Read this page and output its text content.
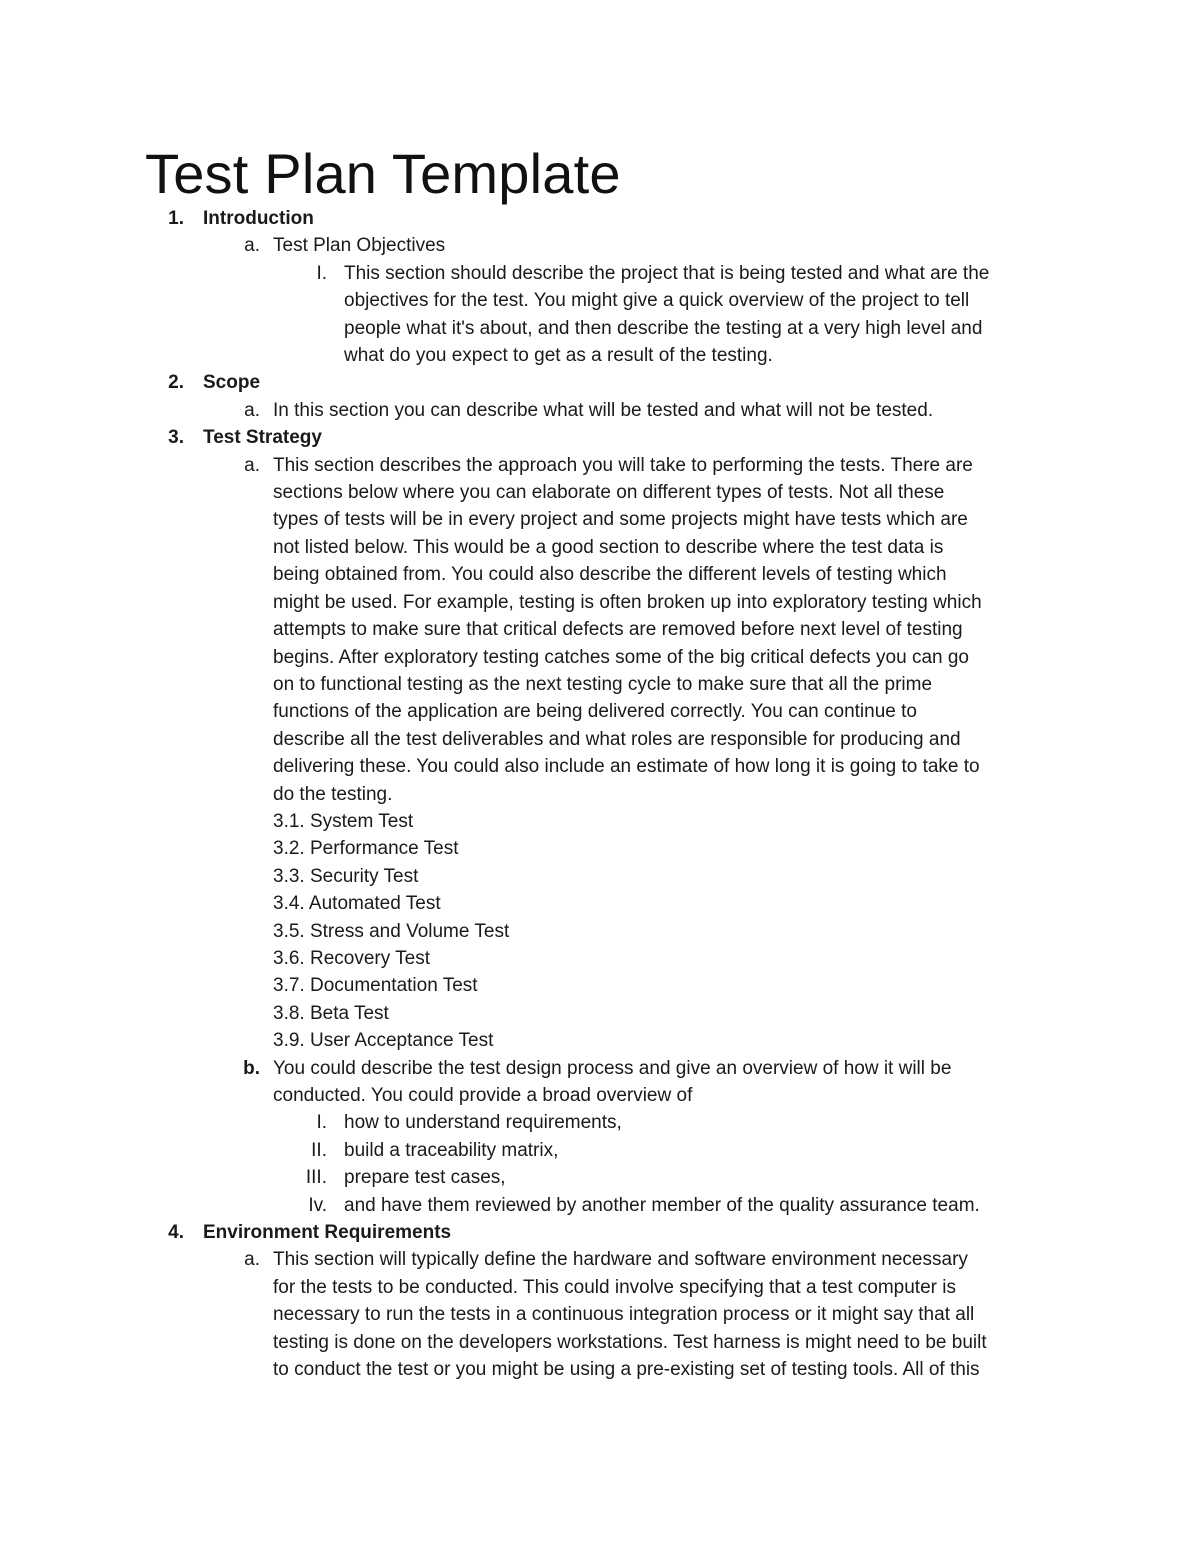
Test Plan Template
1. Introduction
a. Test Plan Objectives
I. This section should describe the project that is being tested and what are the
objectives for the test. You might give a quick overview of the project to tell
people what it's about, and then describe the testing at a very high level and
what do you expect to get as a result of the testing.
2. Scope
a. In this section you can describe what will be tested and what will not be tested.
3. Test Strategy
a. This section describes the approach you will take to performing the tests. There are
sections below where you can elaborate on different types of tests. Not all these
types of tests will be in every project and some projects might have tests which are
not listed below. This would be a good section to describe where the test data is
being obtained from. You could also describe the different levels of testing which
might be used. For example, testing is often broken up into exploratory testing which
attempts to make sure that critical defects are removed before next level of testing
begins. After exploratory testing catches some of the big critical defects you can go
on to functional testing as the next testing cycle to make sure that all the prime
functions of the application are being delivered correctly. You can continue to
describe all the test deliverables and what roles are responsible for producing and
delivering these. You could also include an estimate of how long it is going to take to
do the testing.
3.1. System Test
3.2. Performance Test
3.3. Security Test
3.4. Automated Test
3.5. Stress and Volume Test
3.6. Recovery Test
3.7. Documentation Test
3.8. Beta Test
3.9. User Acceptance Test
b. You could describe the test design process and give an overview of how it will be
conducted. You could provide a broad overview of
I. how to understand requirements,
II. build a traceability matrix,
III. prepare test cases,
Iv. and have them reviewed by another member of the quality assurance team.
4. Environment Requirements
a. This section will typically define the hardware and software environment necessary
for the tests to be conducted. This could involve specifying that a test computer is
necessary to run the tests in a continuous integration process or it might say that all
testing is done on the developers workstations. Test harness is might need to be built
to conduct the test or you might be using a pre-existing set of testing tools. All of this
